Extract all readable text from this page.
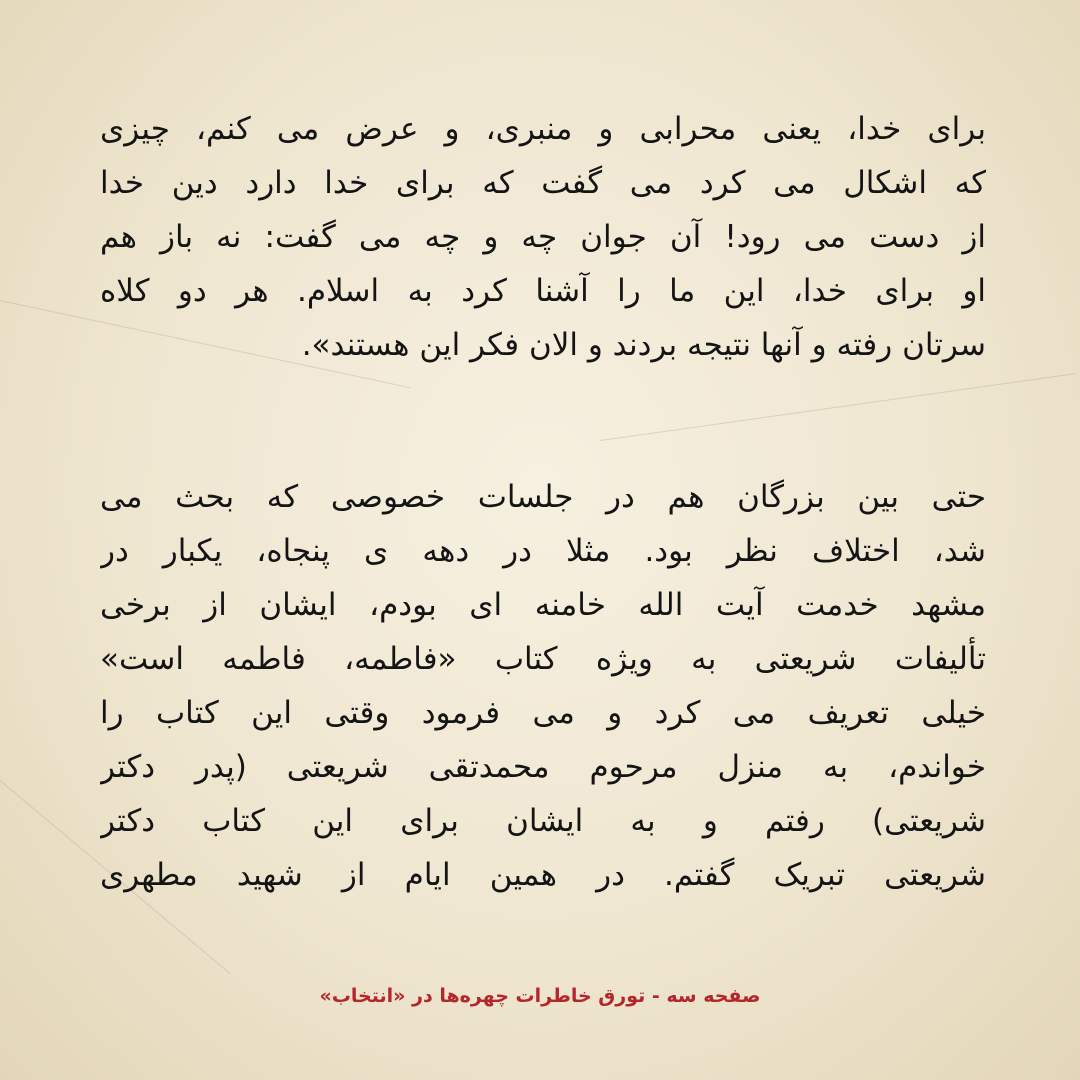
برای خدا، یعنی محرابی و منبری، و عرض می کنم، چیزی
که اشکال می کرد می گفت که برای خدا دارد دین خدا
از دست می رود! آن جوان چه و چه می گفت: نه باز هم
او برای خدا، این ما را آشنا کرد به اسلام. هر دو کلاه
سرتان رفته و آنها نتیجه بردند و الان فکر این هستند».
حتی بین بزرگان هم در جلسات خصوصی که بحث می
شد، اختلاف نظر بود. مثلا در دهه ی پنجاه، یکبار در
مشهد خدمت آیت الله خامنه ای بودم، ایشان از برخی
تألیفات شریعتی به ویژه کتاب «فاطمه، فاطمه است»
خیلی تعریف می کرد و می فرمود وقتی این کتاب را
خواندم، به منزل مرحوم محمدتقی شریعتی (پدر دکتر
شریعتی) رفتم و به ایشان برای این کتاب دکتر
شریعتی تبریک گفتم. در همین ایام از شهید مطهری
صفحه سه - تورق خاطرات چهره‌ها در «انتخاب»
